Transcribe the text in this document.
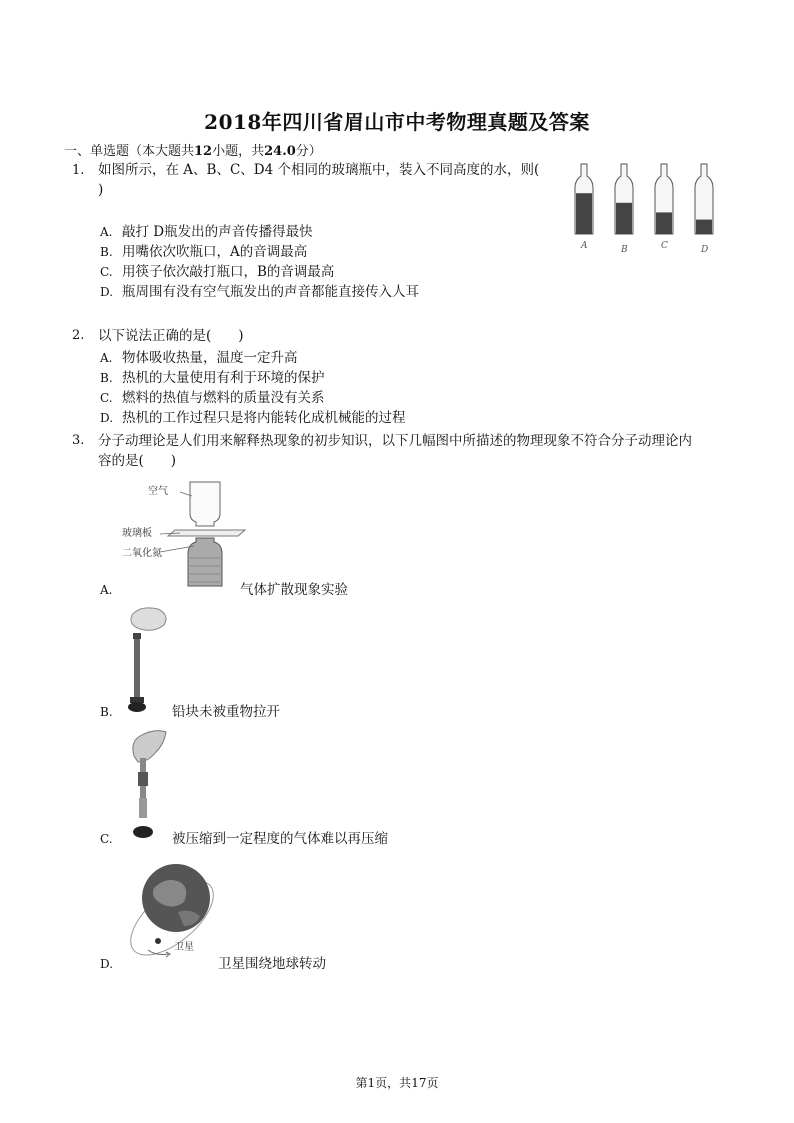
2018年四川省眉山市中考物理真题及答案
一、单选题（本大题共12小题，共24.0分）
1. 如图所示，在 A、B、C、D4 个相同的玻璃瓶中，装入不同高度的水，则(
)
A. 敲打 D瓶发出的声音传播得最快
B. 用嘴依次吹瓶口，A的音调最高
C. 用筷子依次敲打瓶口，B的音调最高
D. 瓶周围有没有空气瓶发出的声音都能直接传入人耳
A	B	C	D
2. 以下说法正确的是(　　)
A. 物体吸收热量，温度一定升高
B. 热机的大量使用有利于环境的保护
C. 燃料的热值与燃料的质量没有关系
D. 热机的工作过程只是将内能转化成机械能的过程
3. 分子动理论是人们用来解释热现象的初步知识，以下几幅图中所描述的物理现象不符合分子动理论内
容的是(　　)
空气
玻璃板
二氧化氮
A.	气体扩散现象实验
B.	铅块未被重物拉开
C.	被压缩到一定程度的气体难以再压缩
卫星
D.	卫星围绕地球转动
第1页，共17页
